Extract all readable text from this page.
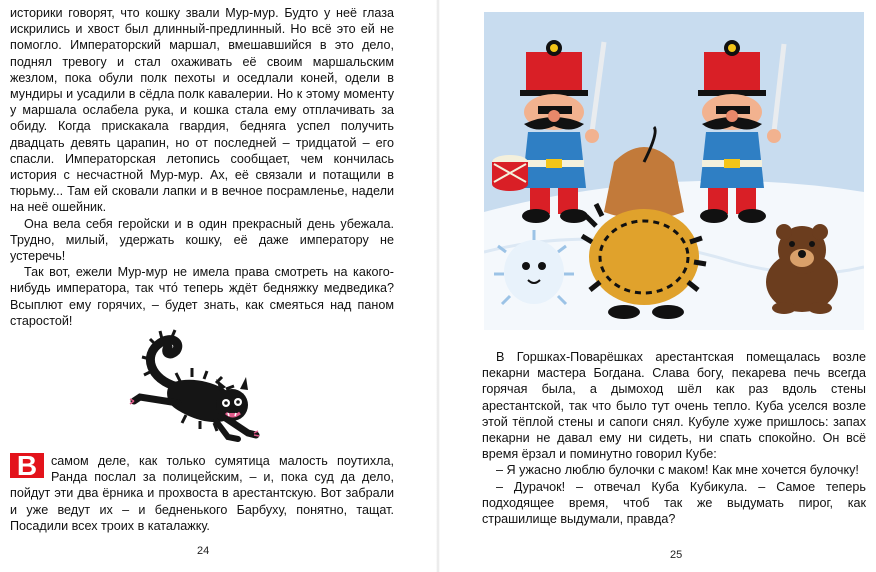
историки говорят, что кошку звали Мур-мур. Будто у неё глаза искрились и хвост был длинный-предлинный. Но всё это ей не помогло. Императорский маршал, вмешавшийся в это дело, поднял тревогу и стал охаживать её своим маршальским жезлом, пока обули полк пехоты и оседлали коней, одели в мундиры и усадили в сёдла полк кавалерии. Но к этому моменту у маршала ослабела рука, и кошка стала ему отплачивать за обиду. Когда прискакала гвардия, бедняга успел получить двадцать девять царапин, но от последней – тридцатой – его спасли. Императорская летопись сообщает, чем кончилась история с несчастной Мур-мур. Ах, её связали и потащили в тюрьму... Там ей сковали лапки и в вечное посрамленье, надели на неё ошейник.

Она вела себя геройски и в один прекрасный день убежала. Трудно, милый, удержать кошку, её даже императору не устеречь!

Так вот, ежели Мур-мур не имела права смотреть на какого-нибудь императора, так что́ теперь ждёт бедняжку медведика? Всыплют ему горячих, – будет знать, как смеяться над паном старостой!

В	самом деле, как только сумятица малость поутихла, Ранда послал за полицейским, – и, пока суд да дело, пойдут эти два ёрника и прохвоста в арестантскую. Вот забрали и уже ведут их – и бедненького Барбуху, понятно, тащат. Посадили всех троих в каталажку.

24

В Горшках-Поварёшках арестантская помещалась возле пекарни мастера Богдана. Слава богу, пекарева печь всегда горячая была, а дымоход шёл как раз вдоль стены арестантской, так что было тут очень тепло. Куба уселся возле этой тёплой стены и сапоги снял. Кубуле хуже пришлось: запах пекарни не давал ему ни сидеть, ни спать спокойно. Он всё время ёрзал и поминутно говорил Кубе:

– Я ужасно люблю булочки с маком! Как мне хочется булочку!

– Дурачок! – отвечал Куба Кубикула. – Самое теперь подходящее время, чтоб так же выдумать пирог, как страшилище выдумали, правда?

25
